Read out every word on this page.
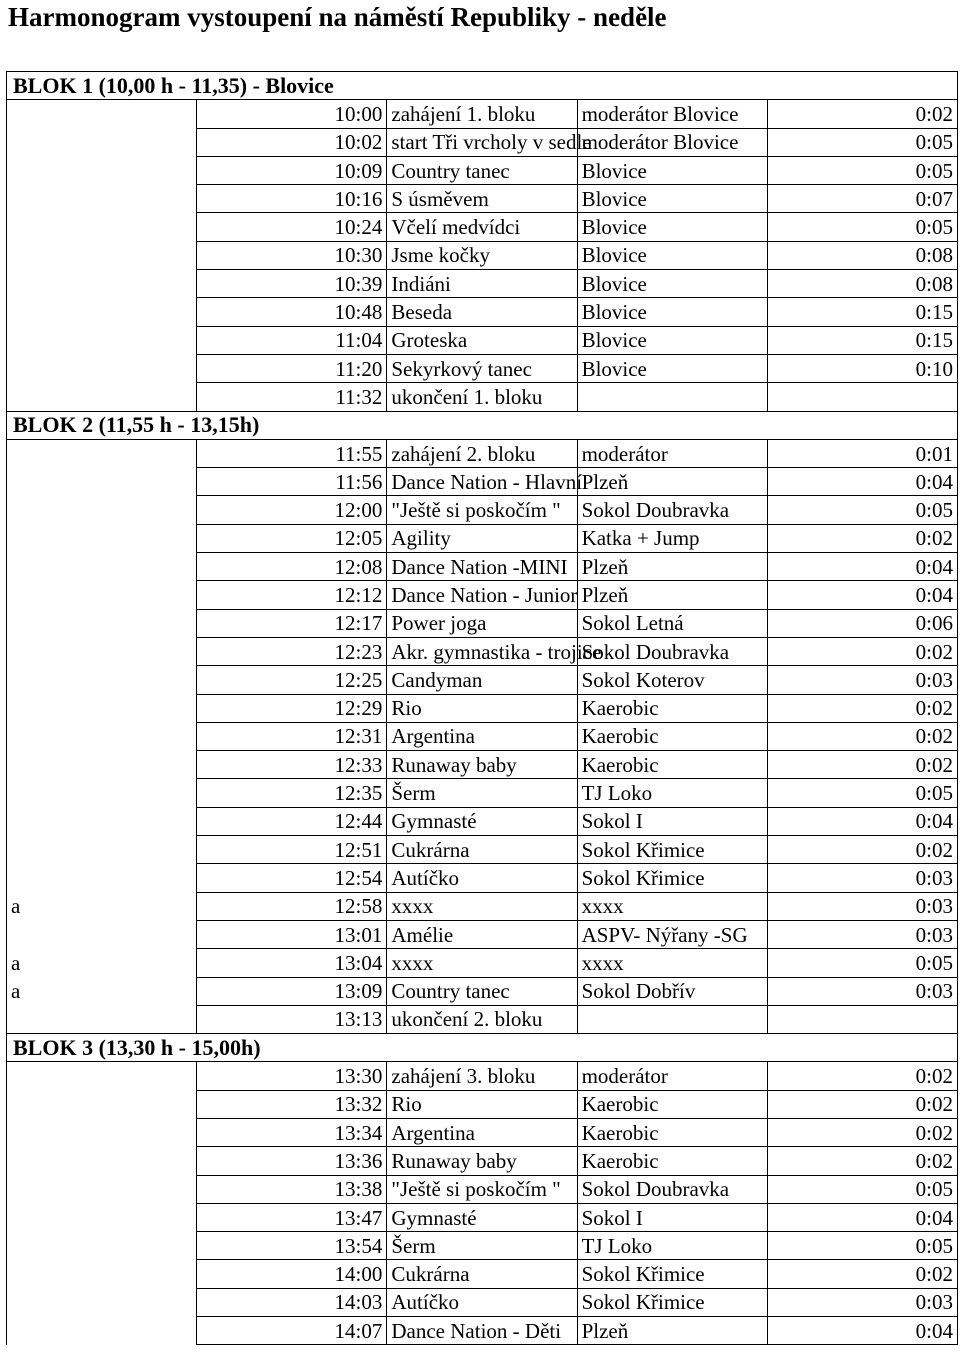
Harmonogram vystoupení na náměstí Republiky - neděle
BLOK 1 (10,00 h - 11,35) - Blovice				
	10:00	zahájení 1. bloku	moderátor Blovice	0:02
	10:02	start Tři vrcholy v sedle	moderátor Blovice	0:05
	10:09	Country tanec	Blovice	0:05
	10:16	S úsměvem	Blovice	0:07
	10:24	Včelí medvídci	Blovice	0:05
	10:30	Jsme kočky	Blovice	0:08
	10:39	Indiáni	Blovice	0:08
	10:48	Beseda	Blovice	0:15
	11:04	Groteska	Blovice	0:15
	11:20	Sekyrkový tanec	Blovice	0:10
	11:32	ukončení 1. bloku		
BLOK 2 (11,55 h - 13,15h)				
	11:55	zahájení 2. bloku	moderátor	0:01
	11:56	Dance Nation - Hlavní	Plzeň	0:04
	12:00	"Ještě si poskočím "	Sokol Doubravka	0:05
	12:05	Agility	Katka + Jump	0:02
	12:08	Dance Nation -MINI	Plzeň	0:04
	12:12	Dance Nation - Junior	Plzeň	0:04
	12:17	Power joga	Sokol Letná	0:06
	12:23	Akr. gymnastika - trojice	Sokol Doubravka	0:02
	12:25	Candyman	Sokol Koterov	0:03
	12:29	Rio	Kaerobic	0:02
	12:31	Argentina	Kaerobic	0:02
	12:33	Runaway baby	Kaerobic	0:02
	12:35	Šerm	TJ Loko	0:05
	12:44	Gymnasté	Sokol I	0:04
	12:51	Cukrárna	Sokol Křimice	0:02
	12:54	Autíčko	Sokol Křimice	0:03
a	12:58	xxxx	xxxx	0:03
	13:01	Amélie	ASPV- Nýřany -SG	0:03
a	13:04	xxxx	xxxx	0:05
a	13:09	Country tanec	Sokol Dobřív	0:03
	13:13	ukončení 2. bloku		
BLOK 3 (13,30 h - 15,00h)				
	13:30	zahájení 3. bloku	moderátor	0:02
	13:32	Rio	Kaerobic	0:02
	13:34	Argentina	Kaerobic	0:02
	13:36	Runaway baby	Kaerobic	0:02
	13:38	"Ještě si poskočím "	Sokol Doubravka	0:05
	13:47	Gymnasté	Sokol I	0:04
	13:54	Šerm	TJ Loko	0:05
	14:00	Cukrárna	Sokol Křimice	0:02
	14:03	Autíčko	Sokol Křimice	0:03
	14:07	Dance Nation - Děti	Plzeň	0:04
